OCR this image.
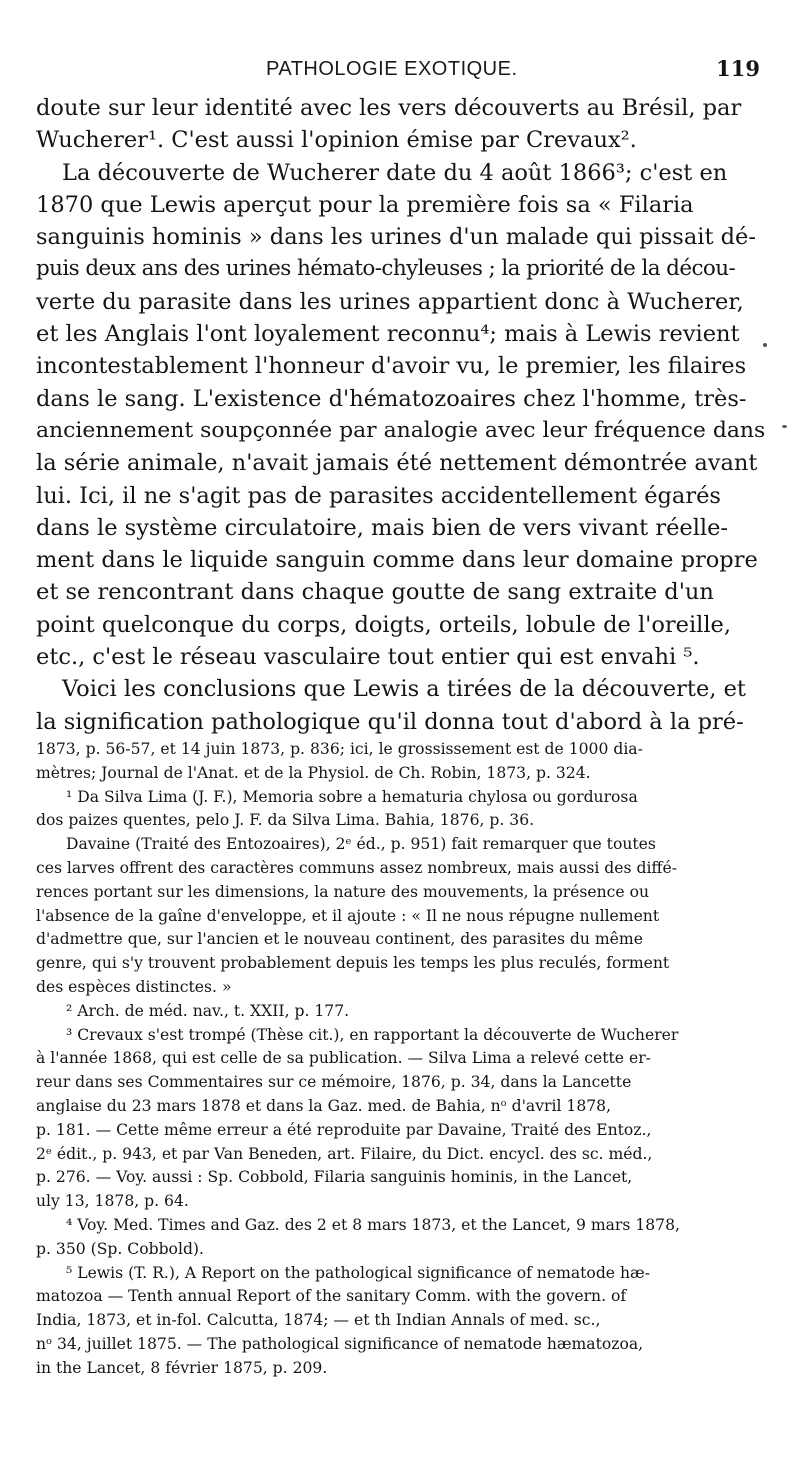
PATHOLOGIE EXOTIQUE.	119
doute sur leur identité avec les vers découverts au Brésil, par
Wucherer¹. C'est aussi l'opinion émise par Crevaux².
La découverte de Wucherer date du 4 août 1866³; c'est en
1870 que Lewis aperçut pour la première fois sa « Filaria
sanguinis hominis » dans les urines d'un malade qui pissait dé-
puis deux ans des urines hémato-chyleuses ; la priorité de la décou-
verte du parasite dans les urines appartient donc à Wucherer,
et les Anglais l'ont loyalement reconnu⁴; mais à Lewis revient
incontestablement l'honneur d'avoir vu, le premier, les filaires
dans le sang. L'existence d'hématozoaires chez l'homme, très-
anciennement soupçonnée par analogie avec leur fréquence dans
la série animale, n'avait jamais été nettement démontrée avant
lui. Ici, il ne s'agit pas de parasites accidentellement égarés
dans le système circulatoire, mais bien de vers vivant réelle-
ment dans le liquide sanguin comme dans leur domaine propre
et se rencontrant dans chaque goutte de sang extraite d'un
point quelconque du corps, doigts, orteils, lobule de l'oreille,
etc., c'est le réseau vasculaire tout entier qui est envahi ⁵.
Voici les conclusions que Lewis a tirées de la découverte, et
la signification pathologique qu'il donna tout d'abord à la pré-
1873, p. 56-57, et 14 juin 1873, p. 836; ici, le grossissement est de 1000 dia-
mètres; Journal de l'Anat. et de la Physiol. de Ch. Robin, 1873, p. 324.
¹ Da Silva Lima (J. F.), Memoria sobre a hematuria chylosa ou gordurosa
dos paizes quentes, pelo J. F. da Silva Lima. Bahia, 1876, p. 36.
Davaine (Traité des Entozoaires), 2ᵉ éd., p. 951) fait remarquer que toutes
ces larves offrent des caractères communs assez nombreux, mais aussi des diffé-
rences portant sur les dimensions, la nature des mouvements, la présence ou
l'absence de la gaîne d'enveloppe, et il ajoute : « Il ne nous répugne nullement
d'admettre que, sur l'ancien et le nouveau continent, des parasites du même
genre, qui s'y trouvent probablement depuis les temps les plus reculés, forment
des espèces distinctes. »
² Arch. de méd. nav., t. XXII, p. 177.
³ Crevaux s'est trompé (Thèse cit.), en rapportant la découverte de Wucherer
à l'année 1868, qui est celle de sa publication. — Silva Lima a relevé cette er-
reur dans ses Commentaires sur ce mémoire, 1876, p. 34, dans la Lancette
anglaise du 23 mars 1878 et dans la Gaz. med. de Bahia, nᵒ d'avril 1878,
p. 181. — Cette même erreur a été reproduite par Davaine, Traité des Entoz.,
2ᵉ édit., p. 943, et par Van Beneden, art. Filaire, du Dict. encycl. des sc. méd.,
p. 276. — Voy. aussi : Sp. Cobbold, Filaria sanguinis hominis, in the Lancet,
uly 13, 1878, p. 64.
⁴ Voy. Med. Times and Gaz. des 2 et 8 mars 1873, et the Lancet, 9 mars 1878,
p. 350 (Sp. Cobbold).
⁵ Lewis (T. R.), A Report on the pathological significance of nematode hæ-
matozoa — Tenth annual Report of the sanitary Comm. with the govern. of
India, 1873, et in-fol. Calcutta, 1874; — et th Indian Annals of med. sc.,
nᵒ 34, juillet 1875. — The pathological significance of nematode hæmatozoa,
in the Lancet, 8 février 1875, p. 209.
